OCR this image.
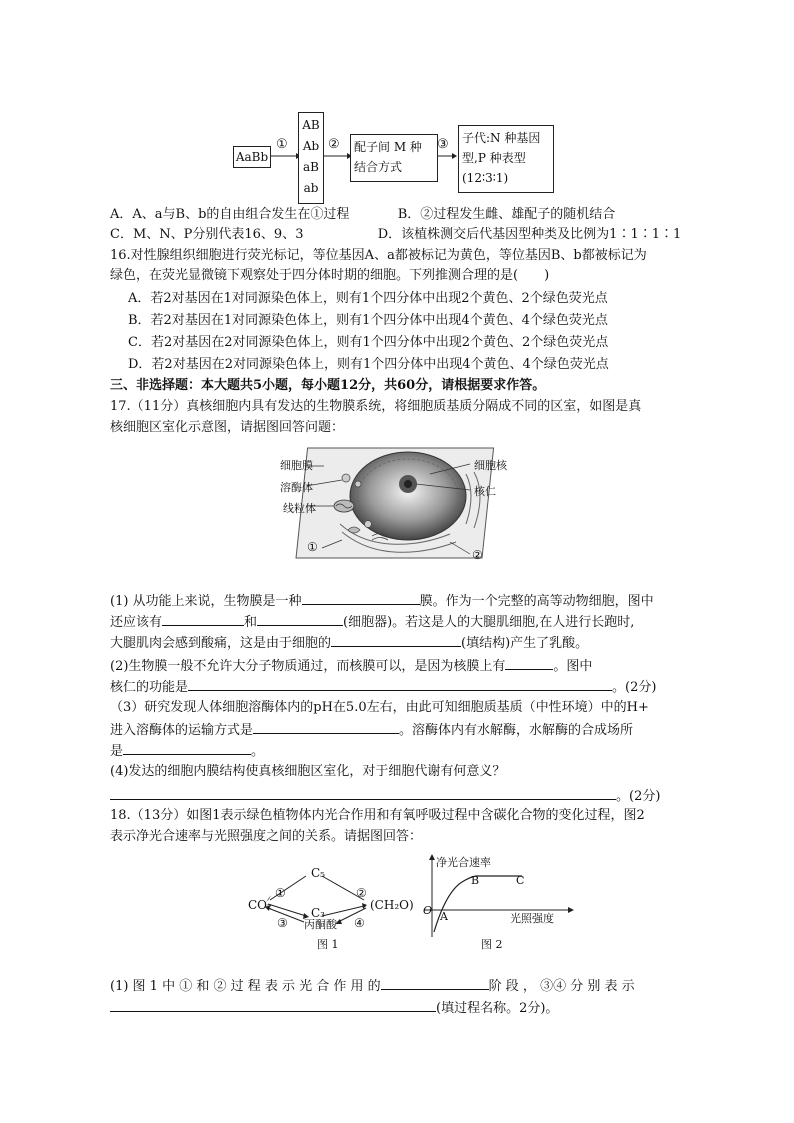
AaBb
①
AB
Ab
aB
ab
② 配子间 M 种
结合方式
③ 子代:N 种基因
型,P 种表型
(12∶3∶1)
A．A、a与B、b的自由组合发生在①过程	B．②过程发生雌、雄配子的随机结合
C．M、N、P分别代表16、9、3	D．该植株测交后代基因型种类及比例为1∶1∶1∶1
16.对性腺组织细胞进行荧光标记，等位基因A、a都被标记为黄色，等位基因B、b都被标记为
绿色，在荧光显微镜下观察处于四分体时期的细胞。下列推测合理的是(　　)
A．若2对基因在1对同源染色体上，则有1个四分体中出现2个黄色、2个绿色荧光点
B．若2对基因在1对同源染色体上，则有1个四分体中出现4个黄色、4个绿色荧光点
C．若2对基因在2对同源染色体上，则有1个四分体中出现2个黄色、2个绿色荧光点
D．若2对基因在2对同源染色体上，则有1个四分体中出现4个黄色、4个绿色荧光点
三、非选择题：本大题共5小题，每小题12分，共60分，请根据要求作答。
17.（11分）真核细胞内具有发达的生物膜系统，将细胞质基质分隔成不同的区室，如图是真
核细胞区室化示意图，请据图回答问题：
细胞膜
溶酶体
线粒体
细胞核
核仁
①
②
(1) 从功能上来说，生物膜是一种	膜。作为一个完整的高等动物细胞，图中
还应该有	和	(细胞器)。若这是人的大腿肌细胞,在人进行长跑时,
大腿肌肉会感到酸痛，这是由于细胞的	(填结构)产生了乳酸。
(2)生物膜一般不允许大分子物质通过，而核膜可以，是因为核膜上有	。图中
核仁的功能是	。(2分)
（3）研究发现人体细胞溶酶体内的pH在5.0左右，由此可知细胞质基质（中性环境）中的H+
进入溶酶体的运输方式是	。溶酶体内有水解酶，水解酶的合成场所
是	。
(4)发达的细胞内膜结构使真核细胞区室化，对于细胞代谢有何意义？
。(2分)
18.（13分）如图1表示绿色植物体内光合作用和有氧呼吸过程中含碳化合物的变化过程，图2
表示净光合速率与光照强度之间的关系。请据图回答：
CO₂
C₅
C₃
(CH₂O)
丙酮酸
①	②
③	④
图 1
净光合速率
光照强度
O A
B	C
图 2
(1) 图 1 中 ① 和 ② 过 程 表 示 光 合 作 用 的	阶 段 ， ③④ 分 别 表 示
(填过程名称。2分)。
